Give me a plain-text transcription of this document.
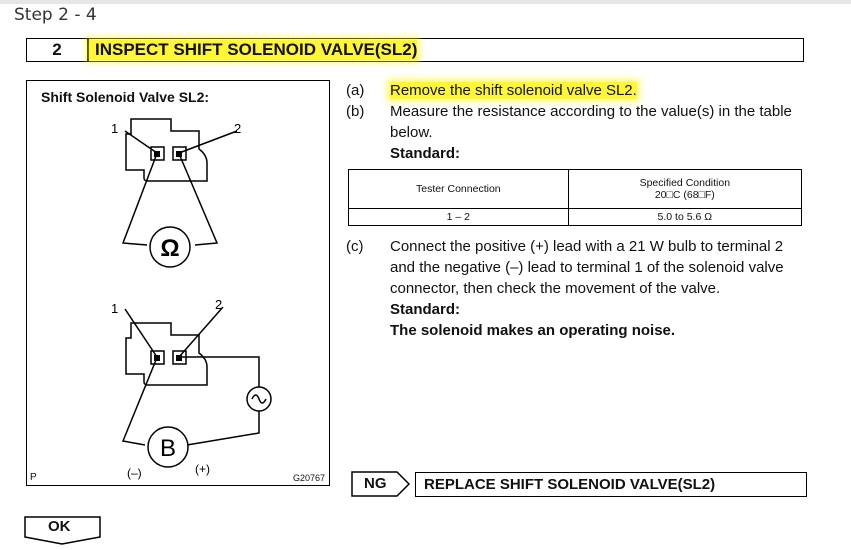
Step 2 - 4
2	INSPECT SHIFT SOLENOID VALVE(SL2)
Shift Solenoid Valve SL2:
Ω
1	2
B
1	2
(–)	(+)
P	G20767
(a)	Remove the shift solenoid valve SL2.
(b)	Measure the resistance according to the value(s) in the table below.
Standard:
(c)	Connect the positive (+) lead with a 21 W bulb to terminal 2 and the negative (–) lead to terminal 1 of the solenoid valve connector, then check the movement of the valve.
Standard:
The solenoid makes an operating noise.
Tester Connection	Specified Condition
20□C (68□F)

1 – 2	5.0 to 5.6 Ω
NG	REPLACE SHIFT SOLENOID VALVE(SL2)
OK
